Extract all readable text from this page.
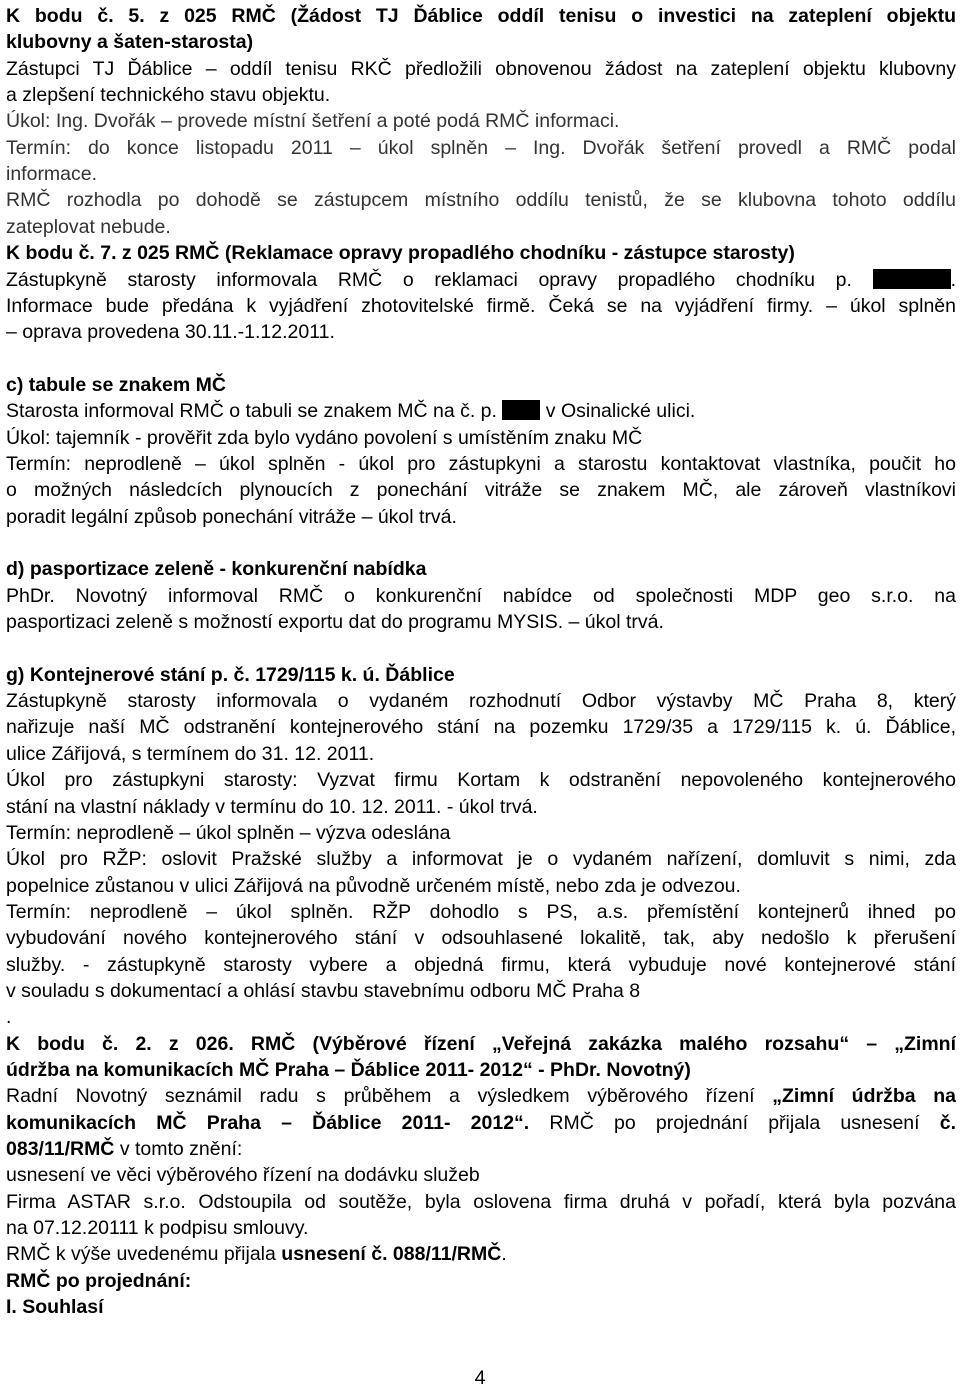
K bodu č. 5. z 025 RMČ (Žádost TJ Ďáblice oddíl tenisu o investici na zateplení objektu
klubovny a šaten-starosta)
Zástupci TJ Ďáblice – oddíl tenisu RKČ předložili obnovenou žádost na zateplení objektu klubovny
a zlepšení technického stavu objektu.
Úkol: Ing. Dvořák – provede místní šetření a poté podá RMČ informaci.
Termín: do konce listopadu 2011 – úkol splněn – Ing. Dvořák šetření provedl a RMČ podal
informace.
RMČ rozhodla po dohodě se zástupcem místního oddílu tenistů, že se klubovna tohoto oddílu
zateplovat nebude.
K bodu č. 7. z 025 RMČ (Reklamace opravy propadlého chodníku - zástupce starosty)
Zástupkyně starosty informovala RMČ o reklamaci opravy propadlého chodníku p.	.
Informace bude předána k vyjádření zhotovitelské firmě. Čeká se na vyjádření firmy. – úkol splněn
– oprava provedena 30.11.-1.12.2011.
c) tabule se znakem MČ
Starosta informoval RMČ o tabuli se znakem MČ na č. p.  v Osinalické ulici.
Úkol: tajemník - prověřit zda bylo vydáno povolení s umístěním znaku MČ
Termín: neprodleně – úkol splněn - úkol pro zástupkyni a starostu kontaktovat vlastníka, poučit ho
o možných následcích plynoucích z ponechání vitráže se znakem MČ, ale zároveň vlastníkovi
poradit legální způsob ponechání vitráže – úkol trvá.
d) pasportizace zeleně - konkurenční nabídka
PhDr. Novotný informoval RMČ o konkurenční nabídce od společnosti MDP geo s.r.o. na
pasportizaci zeleně s možností exportu dat do programu MYSIS. – úkol trvá.
g) Kontejnerové stání p. č. 1729/115 k. ú. Ďáblice
Zástupkyně starosty informovala o vydaném rozhodnutí Odbor výstavby MČ Praha 8, který
nařizuje naší MČ odstranění kontejnerového stání na pozemku 1729/35 a 1729/115 k. ú. Ďáblice,
ulice Zářijová, s termínem do 31. 12. 2011.
Úkol pro zástupkyni starosty: Vyzvat firmu Kortam k odstranění nepovoleného kontejnerového
stání na vlastní náklady v termínu do 10. 12. 2011. - úkol trvá.
Termín: neprodleně – úkol splněn – výzva odeslána
Úkol pro RŽP: oslovit Pražské služby a informovat je o vydaném nařízení, domluvit s nimi, zda
popelnice zůstanou v ulici Zářijová na původně určeném místě, nebo zda je odvezou.
Termín: neprodleně – úkol splněn. RŽP dohodlo s PS, a.s. přemístění kontejnerů ihned po
vybudování nového kontejnerového stání v odsouhlasené lokalitě, tak, aby nedošlo k přerušení
služby. - zástupkyně starosty vybere a objedná firmu, která vybuduje nové kontejnerové stání
v souladu s dokumentací a ohlásí stavbu stavebnímu odboru MČ Praha 8
.
K bodu č. 2. z 026. RMČ (Výběrové řízení „Veřejná zakázka malého rozsahu“ – „Zimní
údržba na komunikacích MČ Praha – Ďáblice 2011- 2012“ - PhDr. Novotný)
Radní Novotný seznámil radu s průběhem a výsledkem výběrového řízení „Zimní údržba na
komunikacích MČ Praha – Ďáblice 2011- 2012“. RMČ po projednání přijala usnesení č.
083/11/RMČ v tomto znění:
usnesení ve věci výběrového řízení na dodávku služeb
Firma ASTAR s.r.o. Odstoupila od soutěže, byla oslovena firma druhá v pořadí, která byla pozvána
na 07.12.20111 k podpisu smlouvy.
RMČ k výše uvedenému přijala usnesení č. 088/11/RMČ.
RMČ po projednání:
I. Souhlasí
4
